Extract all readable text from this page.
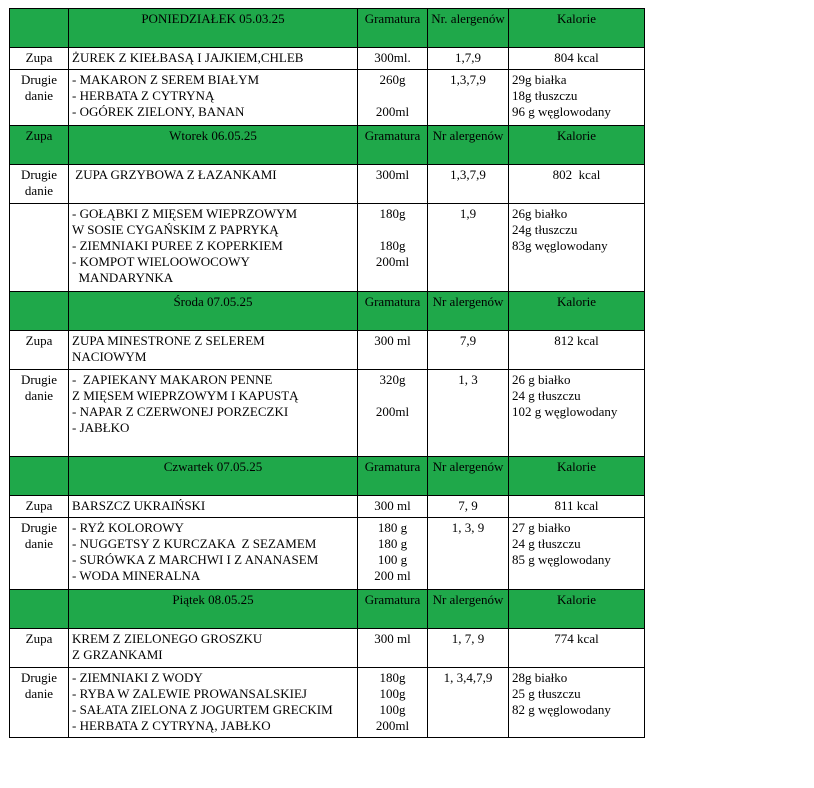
	PONIEDZIAŁEK 05.03.25	Gramatura	Nr. alergenów	Kalorie
Zupa	ŻUREK Z KIEŁBASĄ I JAJKIEM,CHLEB	300ml.	1,7,9	804 kcal

Drugie danie	- MAKARON Z SEREM BIAŁYM
- HERBATA Z CYTRYNĄ
- OGÓREK ZIELONY, BANAN	260g
200ml	1,3,7,9	29g białka
18g tłuszczu
96 g węglowodany

Zupa	Wtorek 06.05.25	Gramatura	Nr alergenów	Kalorie
Drugie danie	ZUPA GRZYBOWA Z ŁAZANKAMI	300ml	1,3,7,9	802  kcal

	- GOŁĄBKI Z MIĘSEM WIEPRZOWYM
W SOSIE CYGAŃSKIM Z PAPRYKĄ
- ZIEMNIAKI PUREE Z KOPERKIEM
- KOMPOT WIELOOWOCOWY
MANDARYNKA	180g
180g
200ml	1,9	26g białko
24g tłuszczu
83g węglowodany

	Środa 07.05.25	Gramatura	Nr alergenów	Kalorie
Zupa	ZUPA MINESTRONE Z SELEREM
NACIOWYM	300 ml	7,9	812 kcal

Drugie danie	-  ZAPIEKANY MAKARON PENNE
Z MIĘSEM WIEPRZOWYM I KAPUSTĄ
- NAPAR Z CZERWONEJ PORZECZKI
- JABŁKO	320g
200ml	1, 3	26 g białko
24 g tłuszczu
102 g węglowodany

	Czwartek 07.05.25	Gramatura	Nr alergenów	Kalorie
Zupa	BARSZCZ UKRAIŃSKI	300 ml	7, 9	811 kcal

Drugie danie	- RYŻ KOLOROWY
- NUGGETSY Z KURCZAKA  Z SEZAMEM
- SURÓWKA Z MARCHWI I Z ANANASEM
- WODA MINERALNA	180 g
180 g
100 g
200 ml	1, 3, 9	27 g białko
24 g tłuszczu
85 g węglowodany

	Piątek 08.05.25	Gramatura	Nr alergenów	Kalorie
Zupa	KREM Z ZIELONEGO GROSZKU
Z GRZANKAMI	300 ml	1, 7, 9	774 kcal

Drugie danie	- ZIEMNIAKI Z WODY
- RYBA W ZALEWIE PROWANSALSKIEJ
- SAŁATA ZIELONA Z JOGURTEM GRECKIM
- HERBATA Z CYTRYNĄ, JABŁKO	180g
100g
100g
200ml	1, 3,4,7,9	28g białko
25 g tłuszczu
82 g węglowodany
